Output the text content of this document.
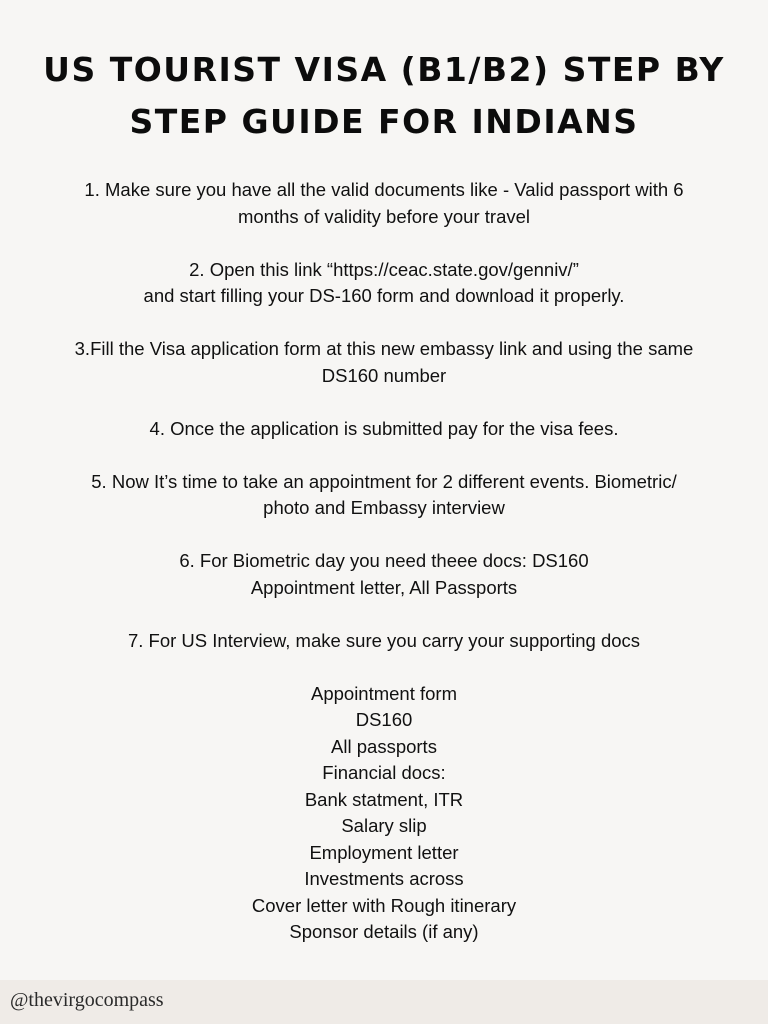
US TOURIST VISA (B1/B2) STEP BY
STEP GUIDE FOR INDIANS
1. Make sure you have all the valid documents like - Valid passport with 6
months of validity before your travel
2. Open this link “https://ceac.state.gov/genniv/”
and start filling your DS-160 form and download it properly.
3.Fill the Visa application form at this new embassy link and using the same
DS160 number
4. Once the application is submitted pay for the visa fees.
5. Now It’s time to take an appointment for 2 different events. Biometric/
photo and Embassy interview
6. For Biometric day you need theee docs: DS160
Appointment letter, All Passports
7. For US Interview, make sure you carry your supporting docs
Appointment form
DS160
All passports
Financial docs:
Bank statment, ITR
Salary slip
Employment letter
Investments across
Cover letter with Rough itinerary
Sponsor details (if any)
@thevirgocompass
